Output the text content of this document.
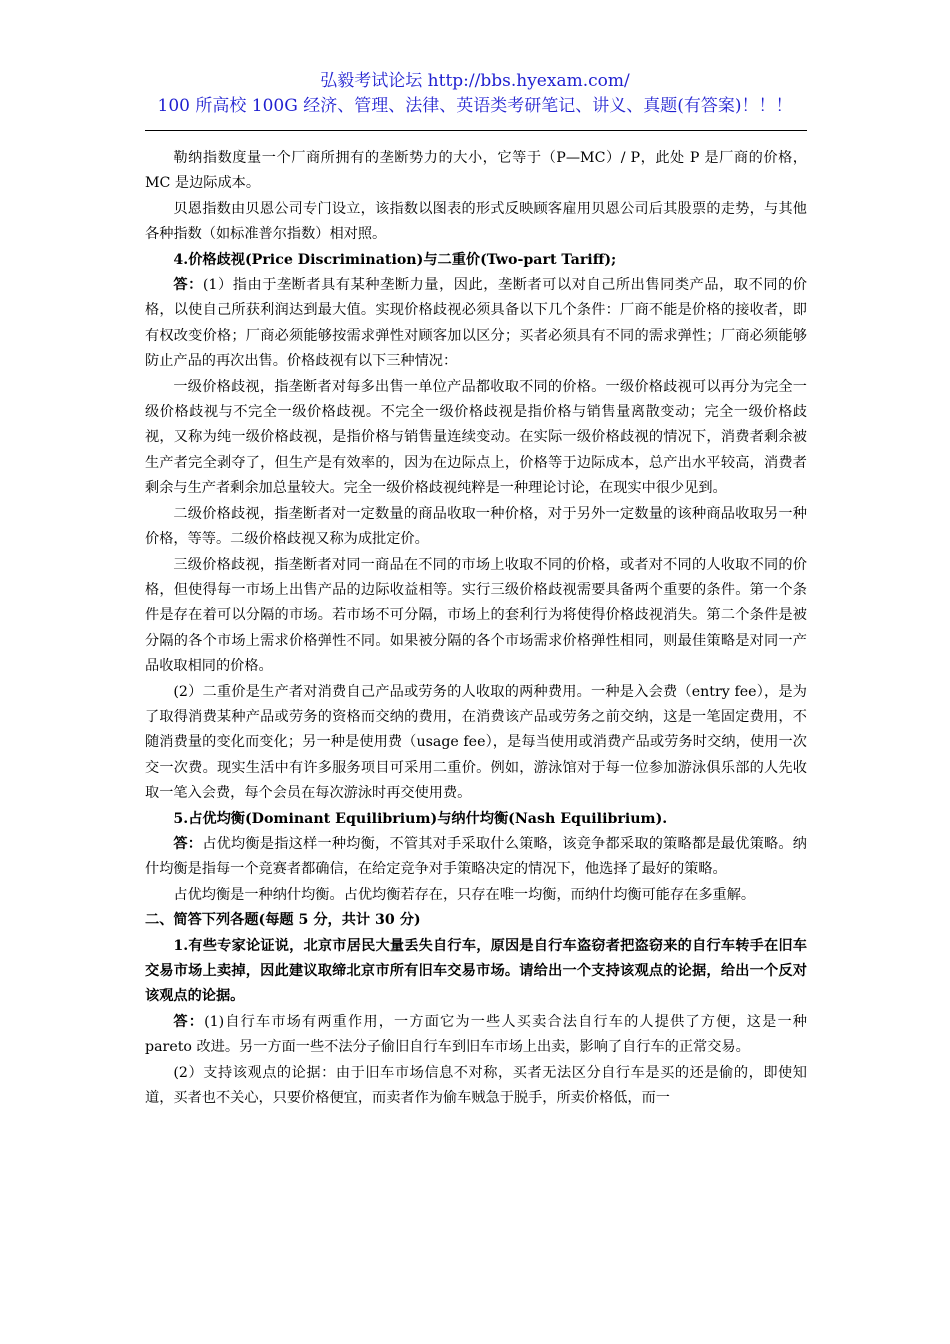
弘毅考试论坛 http://bbs.hyexam.com/
100 所高校 100G 经济、管理、法律、英语类考研笔记、讲义、真题(有答案)！！！

勒纳指数度量一个厂商所拥有的垄断势力的大小，它等于（P—MC）/ P，此处 P 是厂商的价格，MC 是边际成本。

贝恩指数由贝恩公司专门设立，该指数以图表的形式反映顾客雇用贝恩公司后其股票的走势，与其他各种指数（如标准普尔指数）相对照。

4.价格歧视(Price Discrimination)与二重价(Two-part Tariff);

答：(1）指由于垄断者具有某种垄断力量，因此，垄断者可以对自己所出售同类产品，取不同的价格，以使自己所获利润达到最大值。实现价格歧视必须具备以下几个条件：厂商不能是价格的接收者，即有权改变价格；厂商必须能够按需求弹性对顾客加以区分；买者必须具有不同的需求弹性；厂商必须能够防止产品的再次出售。价格歧视有以下三种情况：

一级价格歧视，指垄断者对每多出售一单位产品都收取不同的价格。一级价格歧视可以再分为完全一级价格歧视与不完全一级价格歧视。不完全一级价格歧视是指价格与销售量离散变动；完全一级价格歧视，又称为纯一级价格歧视，是指价格与销售量连续变动。在实际一级价格歧视的情况下，消费者剩余被生产者完全剥夺了，但生产是有效率的，因为在边际点上，价格等于边际成本，总产出水平较高，消费者剩余与生产者剩余加总量较大。完全一级价格歧视纯粹是一种理论讨论，在现实中很少见到。

二级价格歧视，指垄断者对一定数量的商品收取一种价格，对于另外一定数量的该种商品收取另一种价格，等等。二级价格歧视又称为成批定价。

三级价格歧视，指垄断者对同一商品在不同的市场上收取不同的价格，或者对不同的人收取不同的价格，但使得每一市场上出售产品的边际收益相等。实行三级价格歧视需要具备两个重要的条件。第一个条件是存在着可以分隔的市场。若市场不可分隔，市场上的套利行为将使得价格歧视消失。第二个条件是被分隔的各个市场上需求价格弹性不同。如果被分隔的各个市场需求价格弹性相同，则最佳策略是对同一产品收取相同的价格。

(2）二重价是生产者对消费自己产品或劳务的人收取的两种费用。一种是入会费（entry fee），是为了取得消费某种产品或劳务的资格而交纳的费用，在消费该产品或劳务之前交纳，这是一笔固定费用，不随消费量的变化而变化；另一种是使用费（usage fee），是每当使用或消费产品或劳务时交纳，使用一次交一次费。现实生活中有许多服务项目可采用二重价。例如，游泳馆对于每一位参加游泳俱乐部的人先收取一笔入会费，每个会员在每次游泳时再交使用费。

5.占优均衡(Dominant Equilibrium)与纳什均衡(Nash Equilibrium).

答：占优均衡是指这样一种均衡，不管其对手采取什么策略，该竞争都采取的策略都是最优策略。纳什均衡是指每一个竞赛者都确信，在给定竞争对手策略决定的情况下，他选择了最好的策略。

占优均衡是一种纳什均衡。占优均衡若存在，只存在唯一均衡，而纳什均衡可能存在多重解。

二、简答下列各题(每题 5 分，共计 30 分)

1.有些专家论证说，北京市居民大量丢失自行车，原因是自行车盗窃者把盗窃来的自行车转手在旧车交易市场上卖掉，因此建议取缔北京市所有旧车交易市场。请给出一个支持该观点的论据，给出一个反对该观点的论据。

答：(1)自行车市场有两重作用，一方面它为一些人买卖合法自行车的人提供了方便，这是一种 pareto 改进。另一方面一些不法分子偷旧自行车到旧车市场上出卖，影响了自行车的正常交易。

(2）支持该观点的论据：由于旧车市场信息不对称，买者无法区分自行车是买的还是偷的，即使知道，买者也不关心，只要价格便宜，而卖者作为偷车贼急于脱手，所卖价格低，而一
